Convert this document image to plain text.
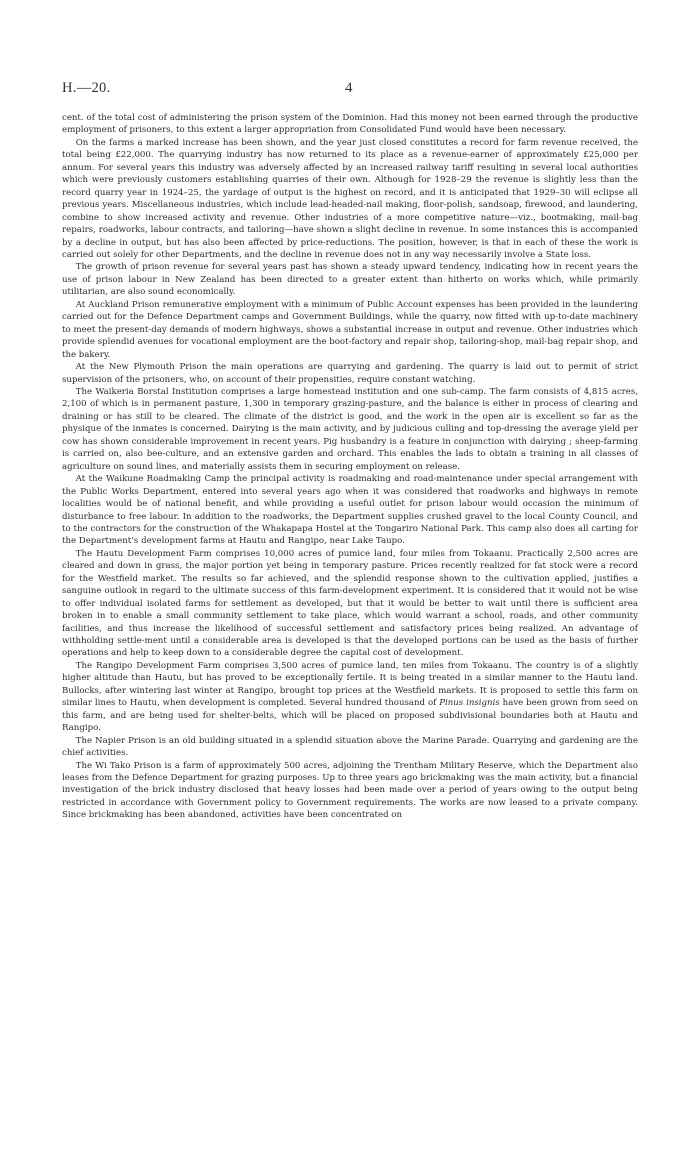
H.—20.	4

cent. of the total cost of administering the prison system of the Dominion. Had this money not been earned through the productive employment of prisoners, to this extent a larger appropriation from Consolidated Fund would have been necessary.

On the farms a marked increase has been shown, and the year just closed constitutes a record for farm revenue received, the total being £22,000. The quarrying industry has now returned to its place as a revenue-earner of approximately £25,000 per annum. For several years this industry was adversely affected by an increased railway tariff resulting in several local authorities which were previously customers establishing quarries of their own. Although for 1928–29 the revenue is slightly less than the record quarry year in 1924–25, the yardage of output is the highest on record, and it is anticipated that 1929–30 will eclipse all previous years. Miscellaneous industries, which include lead-headed-nail making, floor-polish, sandsoap, firewood, and laundering, combine to show increased activity and revenue. Other industries of a more competitive nature—viz., bootmaking, mail-bag repairs, roadworks, labour contracts, and tailoring—have shown a slight decline in revenue. In some instances this is accompanied by a decline in output, but has also been affected by price-reductions. The position, however, is that in each of these the work is carried out solely for other Departments, and the decline in revenue does not in any way necessarily involve a State loss.

The growth of prison revenue for several years past has shown a steady upward tendency, indicating how in recent years the use of prison labour in New Zealand has been directed to a greater extent than hitherto on works which, while primarily utilitarian, are also sound economically.

At Auckland Prison remunerative employment with a minimum of Public Account expenses has been provided in the laundering carried out for the Defence Department camps and Government Buildings, while the quarry, now fitted with up-to-date machinery to meet the present-day demands of modern highways, shows a substantial increase in output and revenue. Other industries which provide splendid avenues for vocational employment are the boot-factory and repair shop, tailoring-shop, mail-bag repair shop, and the bakery.

At the New Plymouth Prison the main operations are quarrying and gardening. The quarry is laid out to permit of strict supervision of the prisoners, who, on account of their propensities, require constant watching.

The Waikeria Borstal Institution comprises a large homestead institution and one sub-camp. The farm consists of 4,815 acres, 2,100 of which is in permanent pasture, 1,300 in temporary grazing-pasture, and the balance is either in process of clearing and draining or has still to be cleared. The climate of the district is good, and the work in the open air is excellent so far as the physique of the inmates is concerned. Dairying is the main activity, and by judicious culling and top-dressing the average yield per cow has shown considerable improvement in recent years. Pig husbandry is a feature in conjunction with dairying ; sheep-farming is carried on, also bee-culture, and an extensive garden and orchard. This enables the lads to obtain a training in all classes of agriculture on sound lines, and materially assists them in securing employment on release.

At the Waikune Roadmaking Camp the principal activity is roadmaking and road-maintenance under special arrangement with the Public Works Department, entered into several years ago when it was considered that roadworks and highways in remote localities would be of national benefit, and while providing a useful outlet for prison labour would occasion the minimum of disturbance to free labour. In addition to the roadworks, the Department supplies crushed gravel to the local County Council, and to the contractors for the construction of the Whakapapa Hostel at the Tongariro National Park. This camp also does all carting for the Department’s development farms at Hautu and Rangipo, near Lake Taupo.

The Hautu Development Farm comprises 10,000 acres of pumice land, four miles from Tokaanu. Practically 2,500 acres are cleared and down in grass, the major portion yet being in temporary pasture. Prices recently realized for fat stock were a record for the Westfield market. The results so far achieved, and the splendid response shown to the cultivation applied, justifies a sanguine outlook in regard to the ultimate success of this farm-development experiment. It is considered that it would not be wise to offer individual isolated farms for settlement as developed, but that it would be better to wait until there is sufficient area broken in to enable a small community settlement to take place, which would warrant a school, roads, and other community facilities, and thus increase the likelihood of successful settlement and satisfactory prices being realized. An advantage of withholding settle-ment until a considerable area is developed is that the developed portions can be used as the basis of further operations and help to keep down to a considerable degree the capital cost of development.

The Rangipo Development Farm comprises 3,500 acres of pumice land, ten miles from Tokaanu. The country is of a slightly higher altitude than Hautu, but has proved to be exceptionally fertile. It is being treated in a similar manner to the Hautu land. Bullocks, after wintering last winter at Rangipo, brought top prices at the Westfield markets. It is proposed to settle this farm on similar lines to Hautu, when development is completed. Several hundred thousand of Pinus insignis have been grown from seed on this farm, and are being used for shelter-belts, which will be placed on proposed subdivisional boundaries both at Hautu and Rangipo.

The Napier Prison is an old building situated in a splendid situation above the Marine Parade. Quarrying and gardening are the chief activities.

The Wi Tako Prison is a farm of approximately 500 acres, adjoining the Trentham Military Reserve, which the Department also leases from the Defence Department for grazing purposes. Up to three years ago brickmaking was the main activity, but a financial investigation of the brick industry disclosed that heavy losses had been made over a period of years owing to the output being restricted in accordance with Government policy to Government requirements. The works are now leased to a private company. Since brickmaking has been abandoned, activities have been concentrated on
